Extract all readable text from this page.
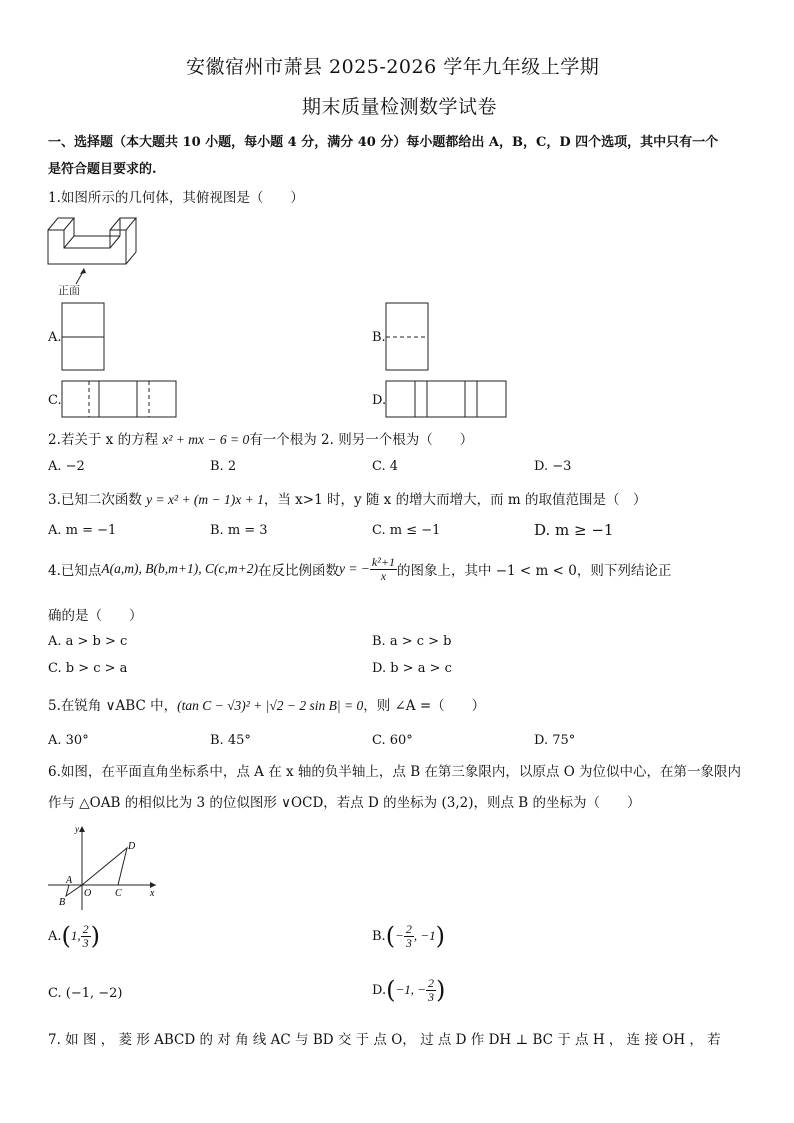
安徽宿州市萧县 2025-2026 学年九年级上学期
期末质量检测数学试卷
一、选择题（本大题共 10 小题，每小题 4 分，满分 40 分）每小题都给出 A，B，C，D 四个选项，其中只有一个
是符合题目要求的.
1.如图所示的几何体，其俯视图是（　　）
正面
A.	B.
C.	D.
2.若关于 x 的方程 x² + mx − 6 = 0有一个根为 2. 则另一个根为（　　）
A. −2	B. 2	C. 4	D. −3
3.已知二次函数 y = x² + (m − 1)x + 1，当 x>1 时，y 随 x 的增大而增大，而 m 的取值范围是（　）
A. m = −1	B. m = 3	C. m ≤ −1	D. m ≥ −1
4.已知点 A(a,m), B(b,m+1), C(c,m+2) 在反比例函数 y = − $\frac{\text{k²+1}}{x}$ 的图象上，其中 −1 < m < 0，则下列结论正
确的是（　　）
A. a > b > c	B. a > c > b
C. b > c > a	D. b > a > c
5.在锐角 ∨ABC 中，(tan C − √3)² + |√2 − 2 sin B| = 0，则 ∠A =（　　）
A. 30°	B. 45°	C. 60°	D. 75°
6.如图，在平面直角坐标系中，点 A 在 x 轴的负半轴上，点 B 在第三象限内，以原点 O 为位似中心，在第一象限内
作与 △OAB 的相似比为 3 的位似图形 ∨OCD，若点 D 的坐标为 (3,2)，则点 B 的坐标为（　　）
y
x
A
B
O C
D
A. ( 1, $\frac{2}{3}$ )	B. ( − $\frac{2}{3}$ , −1 )
C. (−1, −2)	D. ( −1, − $\frac{2}{3}$ )
7. 如 图 ， 菱 形 ABCD 的 对 角 线 AC 与 BD 交 于 点 O， 过 点 D 作 DH ⊥ BC 于 点 H ， 连 接 OH ， 若
